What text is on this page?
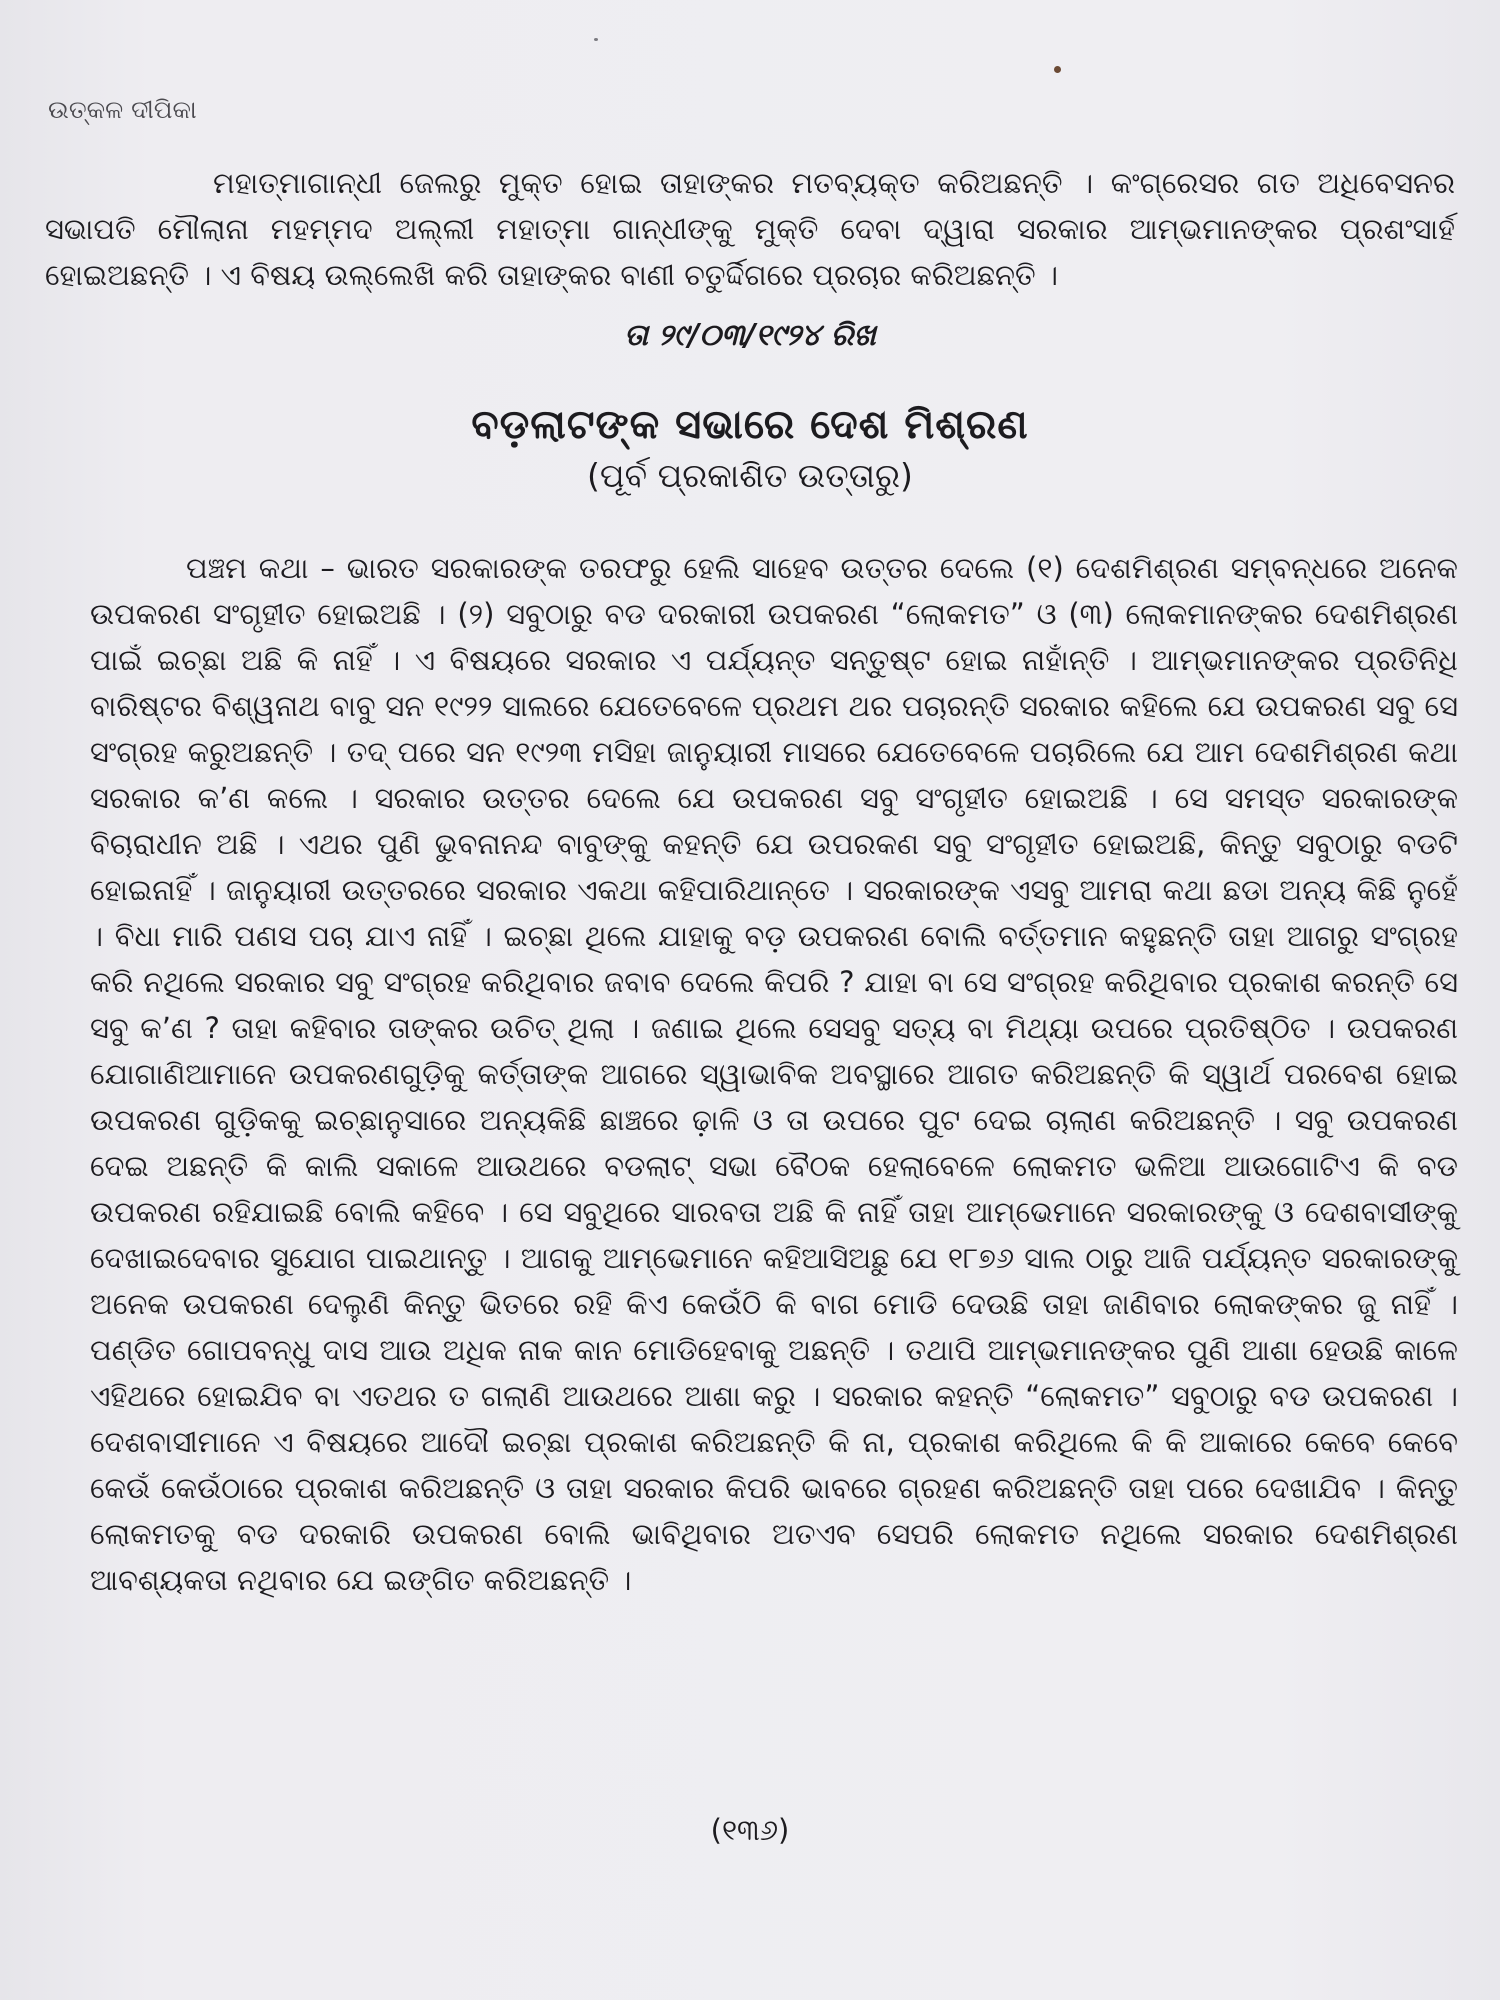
ଉତ୍କଳ ଦୀପିକା

ମହାତ୍ମାଗାନ୍ଧୀ ଜେଲରୁ ମୁକ୍ତ ହୋଇ ତାହାଙ୍କର ମତବ୍ୟକ୍ତ କରିଅଛନ୍ତି । କଂଗ୍ରେସର ଗତ ଅଧିବେସନର ସଭାପତି ମୌଲାନା ମହମ୍ମଦ ଅଲ୍ଲୀ ମହାତ୍ମା ଗାନ୍ଧୀଙ୍କୁ ମୁକ୍ତି ଦେବା ଦ୍ୱାରା ସରକାର ଆମ୍ଭମାନଙ୍କର ପ୍ରଶଂସାର୍ହ ହୋଇଅଛନ୍ତି । ଏ ବିଷୟ ଉଲ୍ଲେଖି କରି ତାହାଙ୍କର ବାଣୀ ଚତୁର୍ଦ୍ଦିଗରେ ପ୍ରଚାର କରିଅଛନ୍ତି ।

ତା ୨୯/୦୩/୧୯୨୪ ରିଖ
ବଡ଼ଲାଟଙ୍କ ସଭାରେ ଦେଶ ମିଶ୍ରଣ
(ପୂର୍ବ ପ୍ରକାଶିତ ଉତ୍ତାରୁ)

ପଞ୍ଚମ କଥା – ଭାରତ ସରକାରଙ୍କ ତରଫରୁ ହେଲି ସାହେବ ଉତ୍ତର ଦେଲେ (୧) ଦେଶମିଶ୍ରଣ ସମ୍ବନ୍ଧରେ ଅନେକ ଉପକରଣ ସଂଗୃହୀତ ହୋଇଅଛି । (୨) ସବୁଠାରୁ ବଡ ଦରକାରୀ ଉପକରଣ “ଲୋକମତ” ଓ (୩) ଲୋକମାନଙ୍କର ଦେଶମିଶ୍ରଣ ପାଇଁ ଇଚ୍ଛା ଅଛି କି ନାହିଁ । ଏ ବିଷୟରେ ସରକାର ଏ ପର୍ଯ୍ୟନ୍ତ ସନ୍ତୁଷ୍ଟ ହୋଇ ନାହାଁନ୍ତି । ଆମ୍ଭମାନଙ୍କର ପ୍ରତିନିଧି ବାରିଷ୍ଟର ବିଶ୍ୱନାଥ ବାବୁ ସନ ୧୯୨୨ ସାଲରେ ଯେତେବେଳେ ପ୍ରଥମ ଥର ପଚାରନ୍ତି ସରକାର କହିଲେ ଯେ ଉପକରଣ ସବୁ ସେ ସଂଗ୍ରହ କରୁଅଛନ୍ତି । ତଦ୍ ପରେ ସନ ୧୯୨୩ ମସିହା ଜାନୁୟାରୀ ମାସରେ ଯେତେବେଳେ ପଚାରିଲେ ଯେ ଆମ ଦେଶମିଶ୍ରଣ କଥା ସରକାର କ’ଣ କଲେ । ସରକାର ଉତ୍ତର ଦେଲେ ଯେ ଉପକରଣ ସବୁ ସଂଗୃହୀତ ହୋଇଅଛି । ସେ ସମସ୍ତ ସରକାରଙ୍କ ବିଚାରାଧୀନ ଅଛି । ଏଥର ପୁଣି ଭୁବନାନନ୍ଦ ବାବୁଙ୍କୁ କହନ୍ତି ଯେ ଉପରକଣ ସବୁ ସଂଗୃହୀତ ହୋଇଅଛି, କିନ୍ତୁ ସବୁଠାରୁ ବଡଟି ହୋଇନାହିଁ । ଜାନୁୟାରୀ ଉତ୍ତରରେ ସରକାର ଏକଥା କହିପାରିଥାନ୍ତେ । ସରକାରଙ୍କ ଏସବୁ ଆମରା କଥା ଛଡା ଅନ୍ୟ କିଛି ନୁହେଁ । ବିଧା ମାରି ପଣସ ପଚା ଯାଏ ନାହିଁ । ଇଚ୍ଛା ଥିଲେ ଯାହାକୁ ବଡ଼ ଉପକରଣ ବୋଲି ବର୍ତ୍ତମାନ କହୁଛନ୍ତି ତାହା ଆଗରୁ ସଂଗ୍ରହ କରି ନଥିଲେ ସରକାର ସବୁ ସଂଗ୍ରହ କରିଥିବାର ଜବାବ ଦେଲେ କିପରି ? ଯାହା ବା ସେ ସଂଗ୍ରହ କରିଥିବାର ପ୍ରକାଶ କରନ୍ତି ସେ ସବୁ କ’ଣ ? ତାହା କହିବାର ତାଙ୍କର ଉଚିତ୍ ଥିଲା । ଜଣାଇ ଥିଲେ ସେସବୁ ସତ୍ୟ ବା ମିଥ୍ୟା ଉପରେ ପ୍ରତିଷ୍ଠିତ । ଉପକରଣ ଯୋଗାଣିଆମାନେ ଉପକରଣଗୁଡ଼ିକୁ କର୍ତ୍ତାଙ୍କ ଆଗରେ ସ୍ୱାଭାବିକ ଅବସ୍ଥାରେ ଆଗତ କରିଅଛନ୍ତି କି ସ୍ୱାର୍ଥ ପରବେଶ ହୋଇ ଉପକରଣ ଗୁଡ଼ିକକୁ ଇଚ୍ଛାନୁସାରେ ଅନ୍ୟକିଛି ଛାଞ୍ଚରେ ଢ଼ାଳି ଓ ତା ଉପରେ ପୁଟ ଦେଇ ଚାଲାଣ କରିଅଛନ୍ତି । ସବୁ ଉପକରଣ ଦେଇ ଅଛନ୍ତି କି କାଲି ସକାଳେ ଆଉଥରେ ବଡଲାଟ୍ ସଭା ବୈଠକ ହେଲାବେଳେ ଲୋକମତ ଭଳିଆ ଆଉଗୋଟିଏ କି ବଡ ଉପକରଣ ରହିଯାଇଛି ବୋଲି କହିବେ । ସେ ସବୁଥିରେ ସାରବତା ଅଛି କି ନାହିଁ ତାହା ଆମ୍ଭେମାନେ ସରକାରଙ୍କୁ ଓ ଦେଶବାସୀଙ୍କୁ ଦେଖାଇଦେବାର ସୁଯୋଗ ପାଇଥାନ୍ତୁ । ଆଗକୁ ଆମ୍ଭେମାନେ କହିଆସିଅଛୁ ଯେ ୧୮୭୬ ସାଲ ଠାରୁ ଆଜି ପର୍ଯ୍ୟନ୍ତ ସରକାରଙ୍କୁ ଅନେକ ଉପକରଣ ଦେଲୁଣି କିନ୍ତୁ ଭିତରେ ରହି କିଏ କେଉଁଠି କି ବାଗ ମୋଡି ଦେଉଛି ତାହା ଜାଣିବାର ଲୋକଙ୍କର ଜୁ ନାହିଁ । ପଣ୍ଡିତ ଗୋପବନ୍ଧୁ ଦାସ ଆଉ ଅଧିକ ନାକ କାନ ମୋଡିହେବାକୁ ଅଛନ୍ତି । ତଥାପି ଆମ୍ଭମାନଙ୍କର ପୁଣି ଆଶା ହେଉଛି କାଳେ ଏହିଥରେ ହୋଇଯିବ ବା ଏତଥର ତ ଗଲାଣି ଆଉଥରେ ଆଶା କରୁ । ସରକାର କହନ୍ତି “ଲୋକମତ” ସବୁଠାରୁ ବଡ ଉପକରଣ । ଦେଶବାସୀମାନେ ଏ ବିଷୟରେ ଆଦୌ ଇଚ୍ଛା ପ୍ରକାଶ କରିଅଛନ୍ତି କି ନା, ପ୍ରକାଶ କରିଥିଲେ କି କି ଆକାରେ କେବେ କେବେ କେଉଁ କେଉଁଠାରେ ପ୍ରକାଶ କରିଅଛନ୍ତି ଓ ତାହା ସରକାର କିପରି ଭାବରେ ଗ୍ରହଣ କରିଅଛନ୍ତି ତାହା ପରେ ଦେଖାଯିବ । କିନ୍ତୁ ଲୋକମତକୁ ବଡ ଦରକାରି ଉପକରଣ ବୋଲି ଭାବିଥିବାର ଅତଏବ ସେପରି ଲୋକମତ ନଥିଲେ ସରକାର ଦେଶମିଶ୍ରଣ ଆବଶ୍ୟକତା ନଥିବାର ଯେ ଇଙ୍ଗିତ କରିଅଛନ୍ତି ।

(୧୩୬)
